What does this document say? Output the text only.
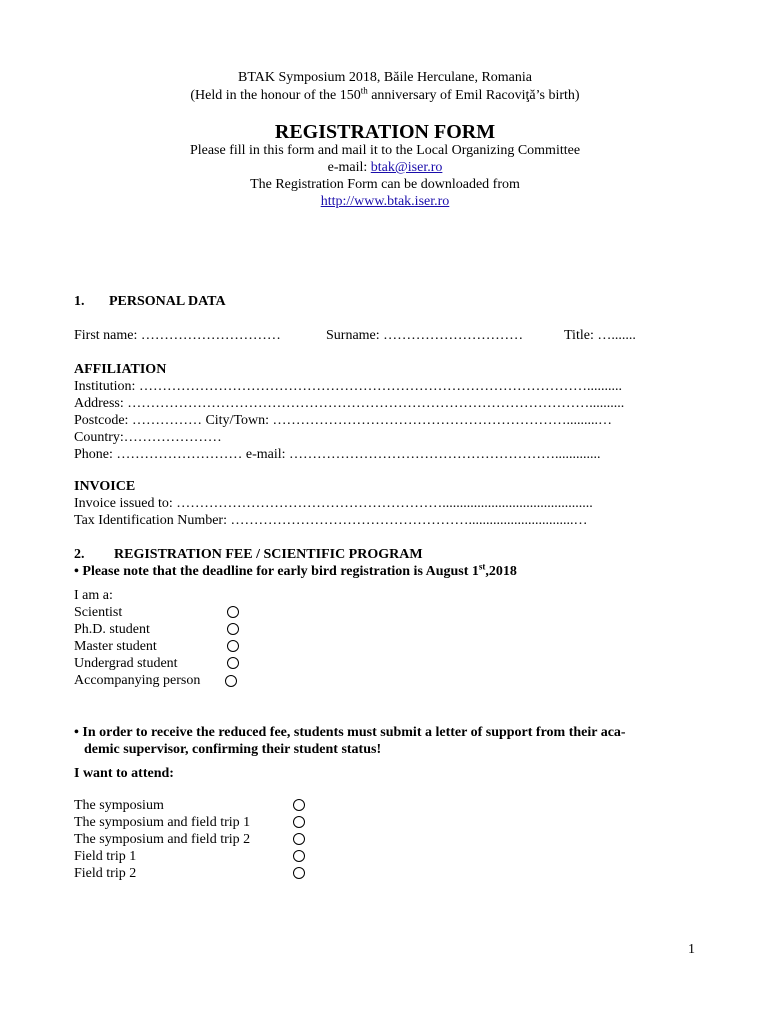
BTAK Symposium 2018, Băile Herculane, Romania
(Held in the honour of the 150th anniversary of Emil Racoviţă’s birth)
REGISTRATION FORM
Please fill in this form and mail it to the Local Organizing Committee
e-mail: btak@iser.ro
The Registration Form can be downloaded from
http://www.btak.iser.ro
1. PERSONAL DATA
First name: …………………………	Surname: …………………………	Title: ….......
AFFILIATION
Institution: ……………………………………………………………………………………..........
Address: ………………………………………………………………………………………..........
Postcode: …………… City/Town: ……………………………………………………….........…
Country:…………………
Phone: ……………………… e-mail: ………………………………………………….............
INVOICE
Invoice issued to: …………………………………………………...........................................
Tax Identification Number: ……………………………………………..............................…
2. REGISTRATION FEE / SCIENTIFIC PROGRAM
• Please note that the deadline for early bird registration is August 1st,2018
I am a:
Scientist
Ph.D. student
Master student
Undergrad student
Accompanying person
• In order to receive the reduced fee, students must submit a letter of support from their aca-
demic supervisor, confirming their student status!
I want to attend:
The symposium
The symposium and field trip 1
The symposium and field trip 2
Field trip 1
Field trip 2
1
